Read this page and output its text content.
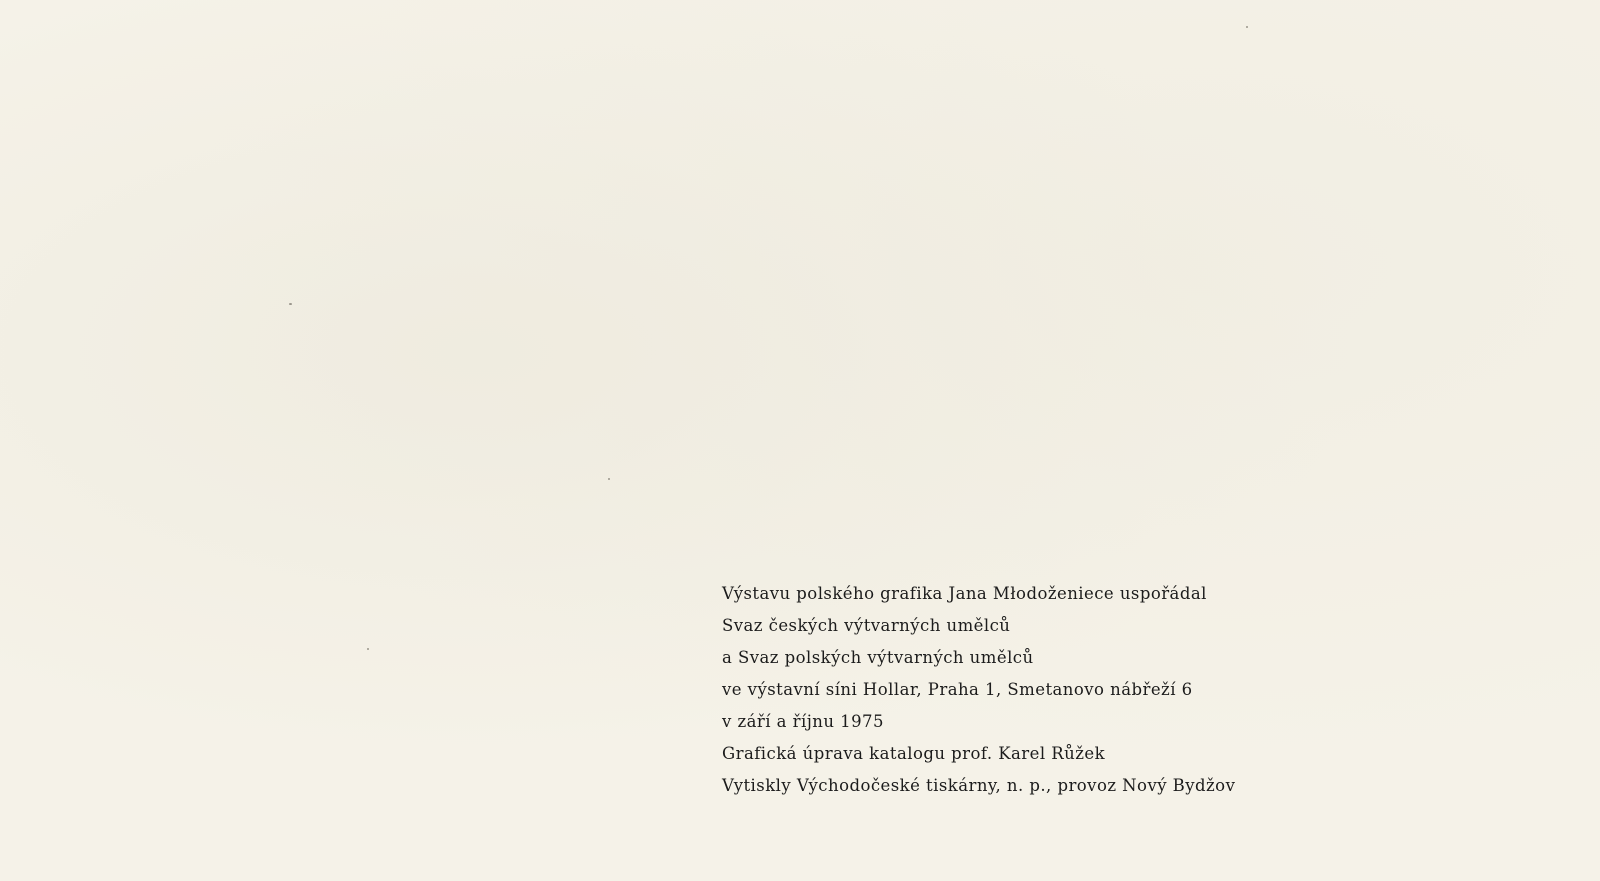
Výstavu polského grafika Jana Młodoženiece uspořádal
Svaz českých výtvarných umělců
a Svaz polských výtvarných umělců
ve výstavní síni Hollar, Praha 1, Smetanovo nábřeží 6
v září a říjnu 1975
Grafická úprava katalogu prof. Karel Růžek
Vytiskly Východočeské tiskárny, n. p., provoz Nový Bydžov
